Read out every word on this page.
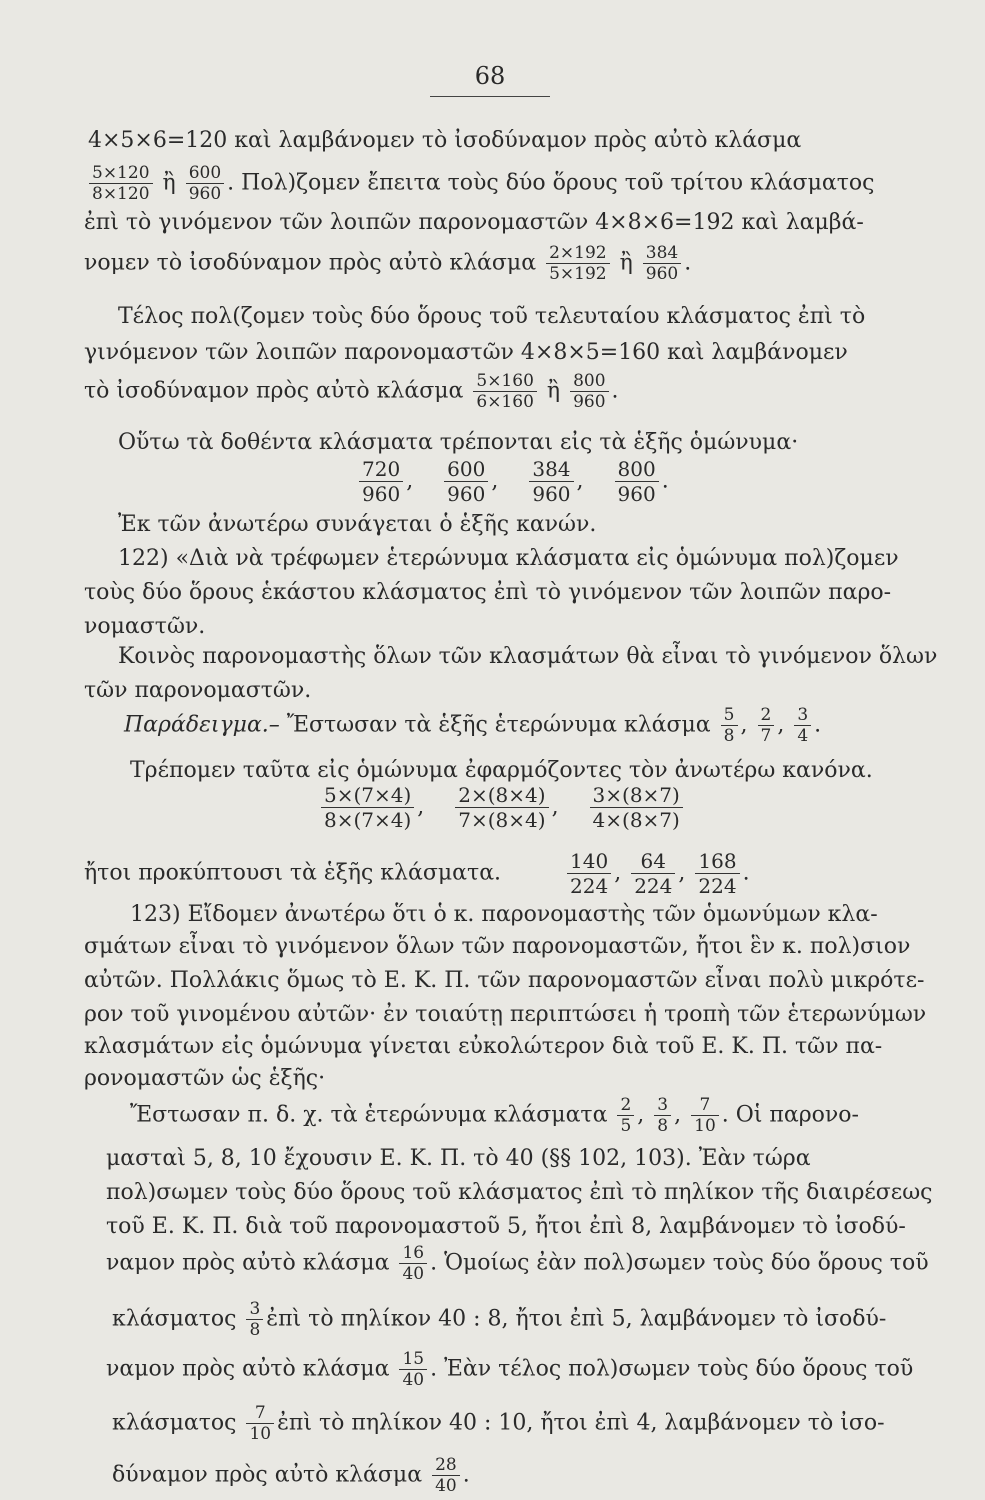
68
4×5×6=120 καὶ λαμβάνομεν τὸ ἰσοδύναμον πρὸς αὐτὸ κλάσμα
$\frac{5\times 120}{8\times 120}$ ἢ $\frac{600}{960}$ . Πολ)ζομεν ἔπειτα τοὺς δύο ὅρους τοῦ τρίτου κλάσματος
ἐπὶ τὸ γινόμενον τῶν λοιπῶν παρονομαστῶν 4×8×6=192 καὶ λαμβά-
νομεν τὸ ἰσοδύναμον πρὸς αὐτὸ κλάσμα $\frac{2\times 192}{5\times 192}$ ἢ $\frac{384}{960}$ .
Τέλος πολ(ζομεν τοὺς δύο ὅρους τοῦ τελευταίου κλάσματος ἐπὶ τὸ
γινόμενον τῶν λοιπῶν παρονομαστῶν 4×8×5=160 καὶ λαμβάνομεν
τὸ ἰσοδύναμον πρὸς αὐτὸ κλάσμα $\frac{5\times 160}{6\times 160}$ ἢ $\frac{800}{960}$ .
Οὕτω τὰ δοθέντα κλάσματα τρέπονται εἰς τὰ ἑξῆς ὁμώνυμα·
$\frac{720}{960}$ , $\frac{600}{960}$ , $\frac{384}{960}$ , $\frac{800}{960}$ .
Ἐκ τῶν ἀνωτέρω συνάγεται ὁ ἑξῆς κανών.
122) «Διὰ νὰ τρέφωμεν ἑτερώνυμα κλάσματα εἰς ὁμώνυμα πολ)ζομεν
τοὺς δύο ὅρους ἑκάστου κλάσματος ἐπὶ τὸ γινόμενον τῶν λοιπῶν παρο-
νομαστῶν.
Κοινὸς παρονομαστὴς ὅλων τῶν κλασμάτων θὰ εἶναι τὸ γινόμενον ὅλων
τῶν παρονομαστῶν.
Παράδειγμα.– Ἔστωσαν τὰ ἑξῆς ἑτερώνυμα κλάσμα $\frac{5}{8}$ , $\frac{2}{7}$ , $\frac{3}{4}$ .
Τρέπομεν ταῦτα εἰς ὁμώνυμα ἐφαρμόζοντες τὸν ἀνωτέρω κανόνα.
$\frac{5\times(7\times 4)}{8\times(7\times 4)}$ , $\frac{2\times(8\times 4)}{7\times(8\times 4)}$ , $\frac{3\times(8\times 7)}{4\times(8\times 7)}$
ἤτοι προκύπτουσι τὰ ἑξῆς κλάσματα.	$\frac{140}{224}$ , $\frac{64}{224}$ , $\frac{168}{224}$ .
123) Εἴδομεν ἀνωτέρω ὅτι ὁ κ. παρονομαστὴς τῶν ὁμωνύμων κλα-
σμάτων εἶναι τὸ γινόμενον ὅλων τῶν παρονομαστῶν, ἤτοι ἓν κ. πολ)σιον
αὐτῶν. Πολλάκις ὅμως τὸ Ε. Κ. Π. τῶν παρονομαστῶν εἶναι πολὺ μικρότε-
ρον τοῦ γινομένου αὐτῶν· ἐν τοιαύτῃ περιπτώσει ἡ τροπὴ τῶν ἑτερωνύμων
κλασμάτων εἰς ὁμώνυμα γίνεται εὐκολώτερον διὰ τοῦ Ε. Κ. Π. τῶν πα-
ρονομαστῶν ὡς ἑξῆς·
Ἔστωσαν π. δ. χ. τὰ ἑτερώνυμα κλάσματα $\frac{2}{5}$ , $\frac{3}{8}$ , $\frac{7}{10}$ . Οἱ παρονο-
μασταὶ 5, 8, 10 ἔχουσιν Ε. Κ. Π. τὸ 40 (§§ 102, 103). Ἐὰν τώρα
πολ)σωμεν τοὺς δύο ὅρους τοῦ κλάσματος ἐπὶ τὸ πηλίκον τῆς διαιρέσεως
τοῦ Ε. Κ. Π. διὰ τοῦ παρονομαστοῦ 5, ἤτοι ἐπὶ 8, λαμβάνομεν τὸ ἰσοδύ-
ναμον πρὸς αὐτὸ κλάσμα $\frac{16}{40}$ . Ὁμοίως ἐὰν πολ)σωμεν τοὺς δύο ὅρους τοῦ
κλάσματος $\frac{3}{8}$ ἐπὶ τὸ πηλίκον 40 : 8, ἤτοι ἐπὶ 5, λαμβάνομεν τὸ ἰσοδύ-
ναμον πρὸς αὐτὸ κλάσμα $\frac{15}{40}$ . Ἐὰν τέλος πολ)σωμεν τοὺς δύο ὅρους τοῦ
κλάσματος $\frac{7}{10}$ ἐπὶ τὸ πηλίκον 40 : 10, ἤτοι ἐπὶ 4, λαμβάνομεν τὸ ἰσο-
δύναμον πρὸς αὐτὸ κλάσμα $\frac{28}{40}$ .
